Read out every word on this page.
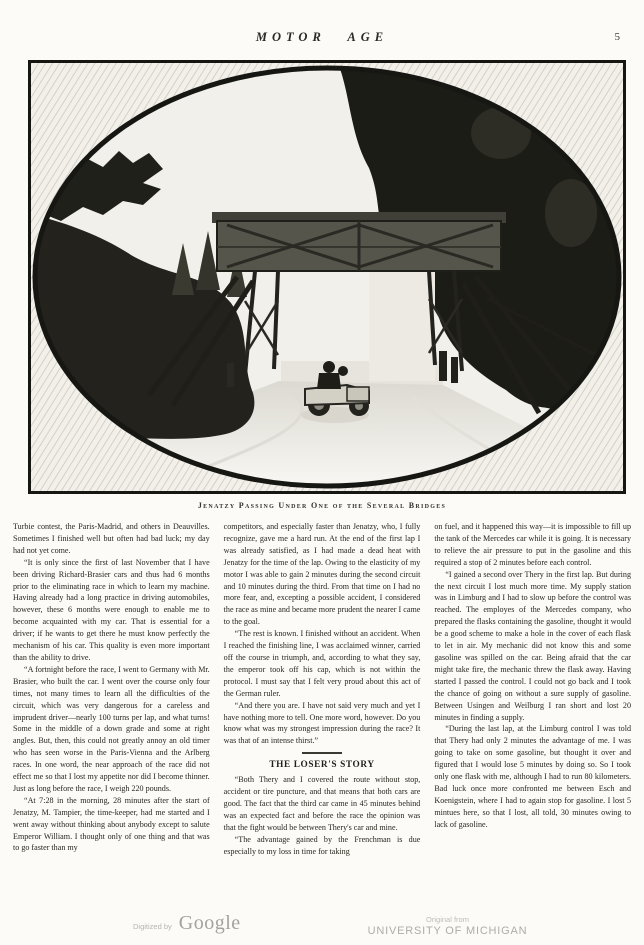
MOTOR AGE	5
Jenatzy Passing Under One of the Several Bridges

Turbie contest, the Paris-Madrid, and others in Deauvilles. Sometimes I finished well but often had bad luck; my day had not yet come.

“It is only since the first of last November that I have been driving Richard-Brasier cars and thus had 6 months prior to the eliminating race in which to learn my machine. Having already had a long practice in driving automobiles, however, these 6 months were enough to enable me to become acquainted with my car. That is essential for a driver; if he wants to get there he must know perfectly the mechanism of his car. This quality is even more important than the ability to drive.

“A fortnight before the race, I went to Germany with Mr. Brasier, who built the car. I went over the course only four times, not many times to learn all the difficulties of the circuit, which was very dangerous for a careless and imprudent driver—nearly 100 turns per lap, and what turns! Some in the middle of a down grade and some at right angles. But, then, this could not greatly annoy an old timer who has seen worse in the Paris-Vienna and the Arlberg races. In one word, the near approach of the race did not effect me so that I lost my appetite nor did I become thinner. Just as long before the race, I weigh 220 pounds.

“At 7:28 in the morning, 28 minutes after the start of Jenatzy, M. Tampier, the time-keeper, had me started and I went away without thinking about anybody except to salute Emperor William. I thought only of one thing and that was to go faster than my

competitors, and especially faster than Jenatzy, who, I fully recognize, gave me a hard run. At the end of the first lap I was already satisfied, as I had made a dead heat with Jenatzy for the time of the lap. Owing to the elasticity of my motor I was able to gain 2 minutes during the second circuit and 10 minutes during the third. From that time on I had no more fear, and, excepting a possible accident, I considered the race as mine and became more prudent the nearer I came to the goal.

“The rest is known. I finished without an accident. When I reached the finishing line, I was acclaimed winner, carried off the course in triumph, and, according to what they say, the emperor took off his cap, which is not within the protocol. I must say that I felt very proud about this act of the German ruler.

“And there you are. I have not said very much and yet I have nothing more to tell. One more word, however. Do you know what was my strongest impression during the race? It was that of an intense thirst.”

THE LOSER'S STORY

“Both Thery and I covered the route without stop, accident or tire puncture, and that means that both cars are good. The fact that the third car came in 45 minutes behind was an expected fact and before the race the opinion was that the fight would be between Thery's car and mine.

“The advantage gained by the Frenchman is due especially to my loss in time for taking

on fuel, and it happened this way—it is impossible to fill up the tank of the Mercedes car while it is going. It is necessary to relieve the air pressure to put in the gasoline and this required a stop of 2 minutes before each control.

“I gained a second over Thery in the first lap. But during the next circuit I lost much more time. My supply station was in Limburg and I had to slow up before the control was reached. The employes of the Mercedes company, who prepared the flasks containing the gasoline, thought it would be a good scheme to make a hole in the cover of each flask to let in air. My mechanic did not know this and some gasoline was spilled on the car. Being afraid that the car might take fire, the mechanic threw the flask away. Having started I passed the control. I could not go back and I took the chance of going on without a sure supply of gasoline. Between Usingen and Weilburg I ran short and lost 20 minutes in finding a supply.

“During the last lap, at the Limburg control I was told that Thery had only 2 minutes the advantage of me. I was going to take on some gasoline, but thought it over and figured that I would lose 5 minutes by doing so. So I took only one flask with me, although I had to run 80 kilometers. Bad luck once more confronted me between Esch and Koenigstein, where I had to again stop for gasoline. I lost 5 mintues here, so that I lost, all told, 30 minutes owing to lack of gasoline.

Digitized by Google	Original from
UNIVERSITY OF MICHIGAN
